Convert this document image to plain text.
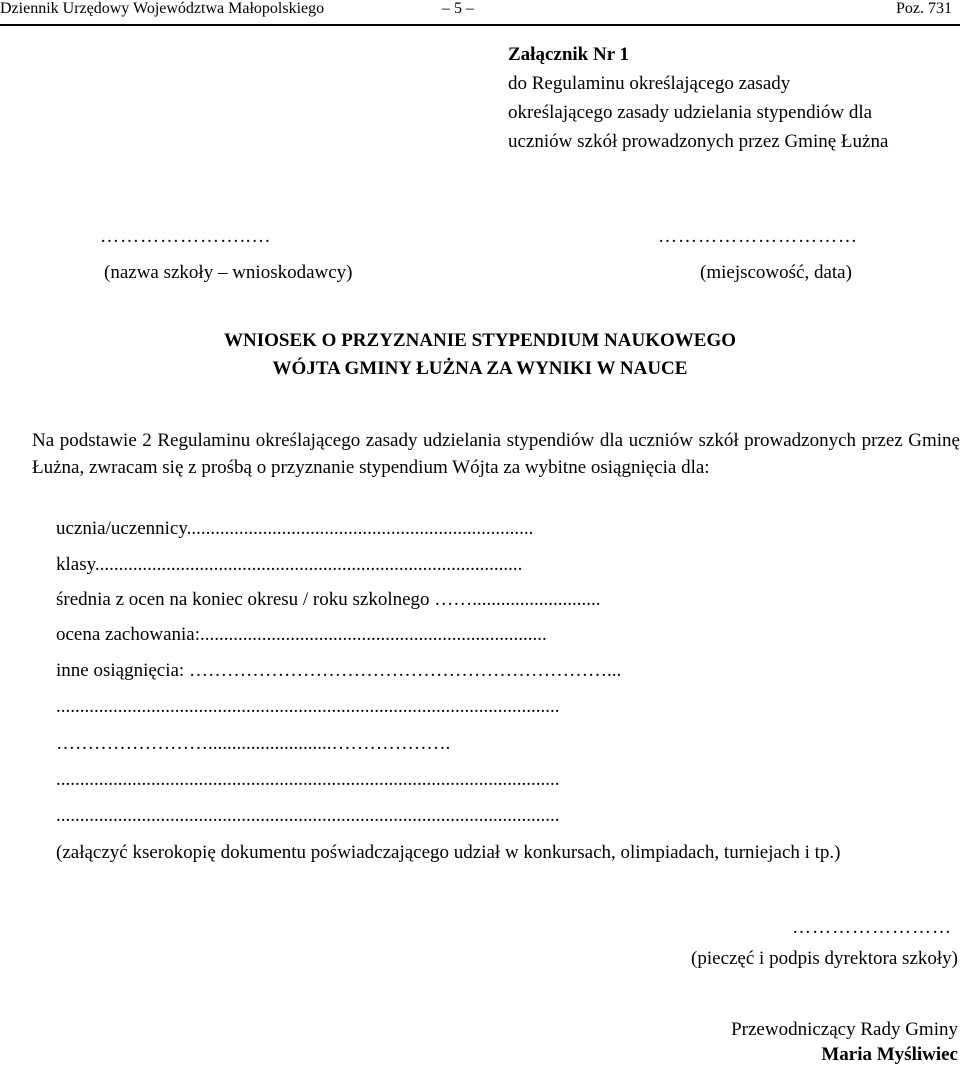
Dziennik Urzędowy Województwa Małopolskiego	– 5 –	Poz. 731
Załącznik Nr 1
do Regulaminu określającego zasady
określającego zasady udzielania stypendiów dla
uczniów szkół prowadzonych przez Gminę Łużna
…………………..…
(nazwa szkoły – wnioskodawcy)
…………………………
(miejscowość, data)
WNIOSEK O PRZYZNANIE STYPENDIUM NAUKOWEGO
WÓJTA GMINY ŁUŻNA ZA WYNIKI W NAUCE
Na podstawie 2 Regulaminu określającego zasady udzielania stypendiów dla uczniów szkół prowadzonych przez Gminę Łużna, zwracam się z prośbą o przyznanie stypendium Wójta za wybitne osiągnięcia dla:
ucznia/uczennicy.........................................................................
klasy..........................................................................................
średnia z ocen na koniec okresu / roku szkolnego ……...........................
ocena zachowania:.........................................................................
inne osiągnięcia: …………………………………………………………...
..........................................................................................................
……………………..........................……………….
..........................................................................................................
..........................................................................................................
(załączyć kserokopię dokumentu poświadczającego udział w konkursach, olimpiadach, turniejach i tp.)
……………………
(pieczęć i podpis dyrektora szkoły)
Przewodniczący Rady Gminy
Maria Myśliwiec
